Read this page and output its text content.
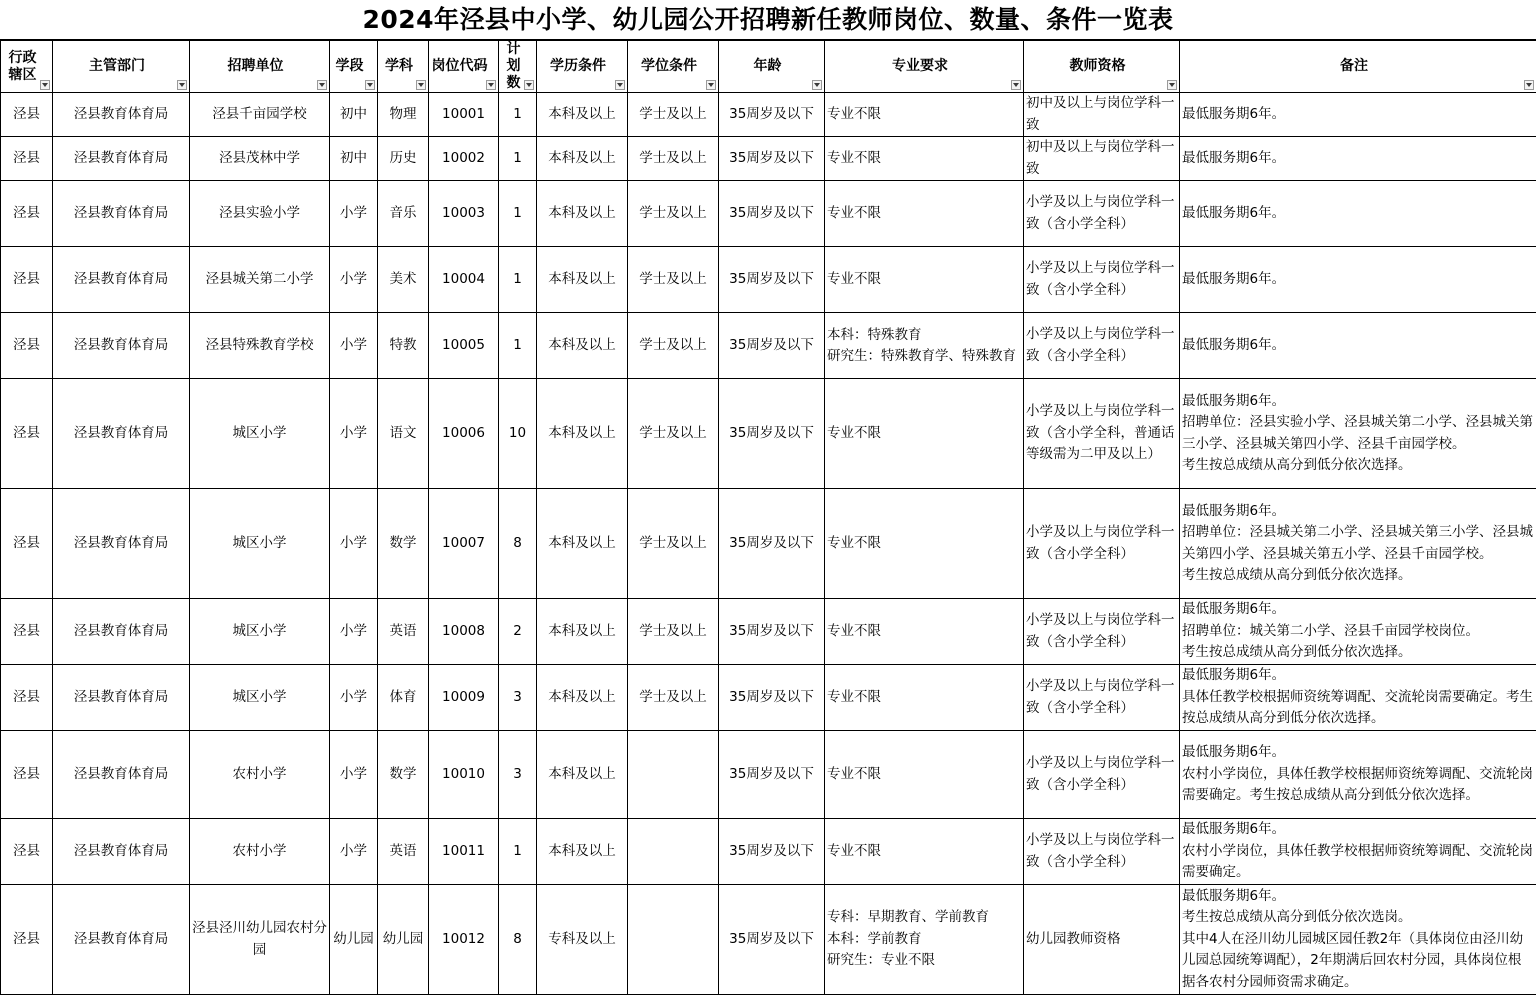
2024年泾县中小学、幼儿园公开招聘新任教师岗位、数量、条件一览表
行政辖区	主管部门	招聘单位	学段	学科	岗位代码	计划数	学历条件	学位条件	年龄	专业要求	教师资格	备注

泾县	泾县教育体育局	泾县千亩园学校	初中	物理	10001	1	本科及以上	学士及以上	35周岁及以下	专业不限	初中及以上与岗位学科一致	最低服务期6年。
泾县	泾县教育体育局	泾县茂林中学	初中	历史	10002	1	本科及以上	学士及以上	35周岁及以下	专业不限	初中及以上与岗位学科一致	最低服务期6年。
泾县	泾县教育体育局	泾县实验小学	小学	音乐	10003	1	本科及以上	学士及以上	35周岁及以下	专业不限	小学及以上与岗位学科一致（含小学全科）	最低服务期6年。
泾县	泾县教育体育局	泾县城关第二小学	小学	美术	10004	1	本科及以上	学士及以上	35周岁及以下	专业不限	小学及以上与岗位学科一致（含小学全科）	最低服务期6年。
泾县	泾县教育体育局	泾县特殊教育学校	小学	特教	10005	1	本科及以上	学士及以上	35周岁及以下	本科：特殊教育
研究生：特殊教育学、特殊教育	小学及以上与岗位学科一致（含小学全科）	最低服务期6年。
泾县	泾县教育体育局	城区小学	小学	语文	10006	10	本科及以上	学士及以上	35周岁及以下	专业不限	小学及以上与岗位学科一致（含小学全科，普通话等级需为二甲及以上）	最低服务期6年。
招聘单位：泾县实验小学、泾县城关第二小学、泾县城关第三小学、泾县城关第四小学、泾县千亩园学校。
考生按总成绩从高分到低分依次选择。
泾县	泾县教育体育局	城区小学	小学	数学	10007	8	本科及以上	学士及以上	35周岁及以下	专业不限	小学及以上与岗位学科一致（含小学全科）	最低服务期6年。
招聘单位：泾县城关第二小学、泾县城关第三小学、泾县城关第四小学、泾县城关第五小学、泾县千亩园学校。
考生按总成绩从高分到低分依次选择。
泾县	泾县教育体育局	城区小学	小学	英语	10008	2	本科及以上	学士及以上	35周岁及以下	专业不限	小学及以上与岗位学科一致（含小学全科）	最低服务期6年。
招聘单位：城关第二小学、泾县千亩园学校岗位。
考生按总成绩从高分到低分依次选择。
泾县	泾县教育体育局	城区小学	小学	体育	10009	3	本科及以上	学士及以上	35周岁及以下	专业不限	小学及以上与岗位学科一致（含小学全科）	最低服务期6年。
具体任教学校根据师资统筹调配、交流轮岗需要确定。考生按总成绩从高分到低分依次选择。
泾县	泾县教育体育局	农村小学	小学	数学	10010	3	本科及以上		35周岁及以下	专业不限	小学及以上与岗位学科一致（含小学全科）	最低服务期6年。
农村小学岗位，具体任教学校根据师资统筹调配、交流轮岗需要确定。考生按总成绩从高分到低分依次选择。
泾县	泾县教育体育局	农村小学	小学	英语	10011	1	本科及以上		35周岁及以下	专业不限	小学及以上与岗位学科一致（含小学全科）	最低服务期6年。
农村小学岗位，具体任教学校根据师资统筹调配、交流轮岗需要确定。
泾县	泾县教育体育局	泾县泾川幼儿园农村分园	幼儿园	幼儿园	10012	8	专科及以上		35周岁及以下	专科：早期教育、学前教育
本科：学前教育
研究生：专业不限	幼儿园教师资格	最低服务期6年。
考生按总成绩从高分到低分依次选岗。
其中4人在泾川幼儿园城区园任教2年（具体岗位由泾川幼儿园总园统筹调配），2年期满后回农村分园，具体岗位根据各农村分园师资需求确定。
